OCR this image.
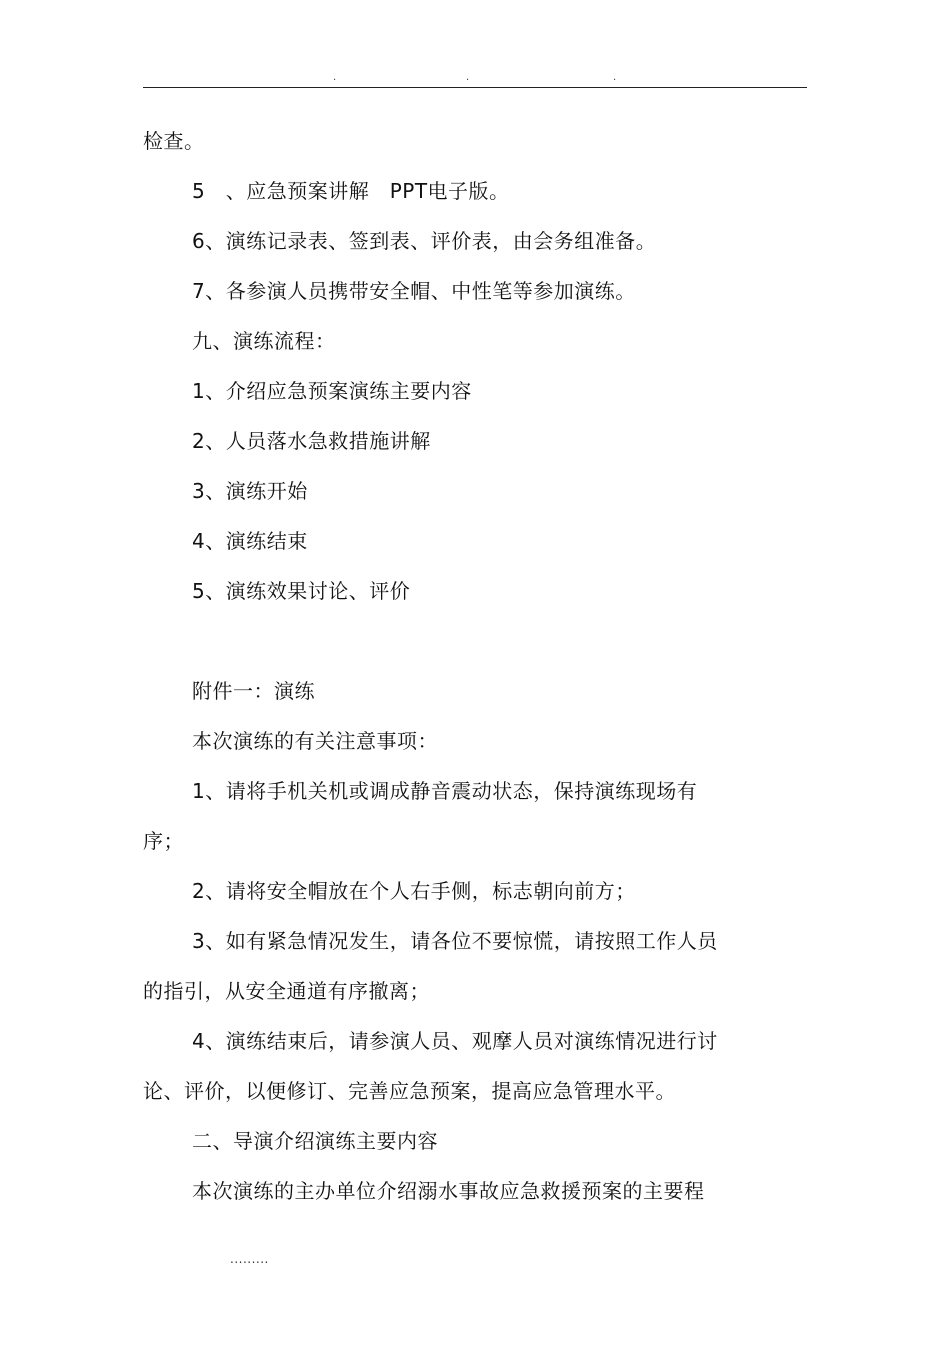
.	.	.
检查。
5　、应急预案讲解　PPT电子版。
6、演练记录表、签到表、评价表，由会务组准备。
7、各参演人员携带安全帽、中性笔等参加演练。
九、演练流程：
1、介绍应急预案演练主要内容
2、人员落水急救措施讲解
3、演练开始
4、演练结束
5、演练效果讨论、评价
附件一：演练
本次演练的有关注意事项：
1、请将手机关机或调成静音震动状态，保持演练现场有
序；
2、请将安全帽放在个人右手侧，标志朝向前方；
3、如有紧急情况发生，请各位不要惊慌，请按照工作人员
的指引，从安全通道有序撤离；
4、演练结束后，请参演人员、观摩人员对演练情况进行讨
论、评价，以便修订、完善应急预案，提高应急管理水平。
二、导演介绍演练主要内容
本次演练的主办单位介绍溺水事故应急救援预案的主要程
.........
